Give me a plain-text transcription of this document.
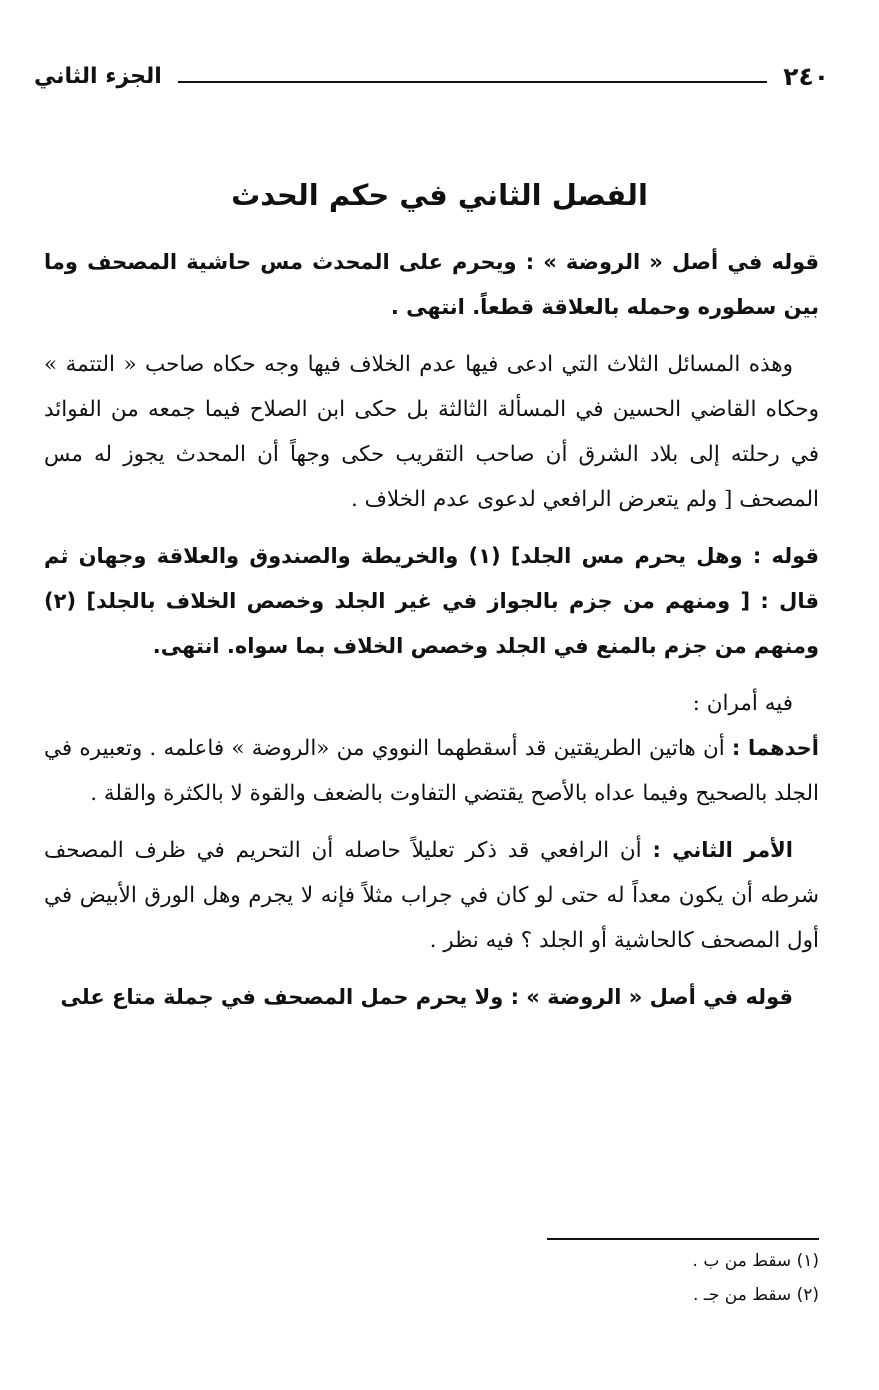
٢٤٠
الجزء الثاني
الفصل الثاني في حكم الحدث

قوله في أصل « الروضة » : ويحرم على المحدث مس حاشية المصحف وما بين سطوره وحمله بالعلاقة قطعاً. انتهى .

وهذه المسائل الثلاث التي ادعى فيها عدم الخلاف فيها وجه حكاه صاحب « التتمة » وحكاه القاضي الحسين في المسألة الثالثة بل حكى ابن الصلاح فيما جمعه من الفوائد في رحلته إلى بلاد الشرق أن صاحب التقريب حكى وجهاً أن المحدث يجوز له مس المصحف [ ولم يتعرض الرافعي لدعوى عدم الخلاف .

قوله : وهل يحرم مس الجلد] (١) والخريطة والصندوق والعلاقة وجهان ثم قال : [ ومنهم من جزم بالجواز في غير الجلد وخصص الخلاف بالجلد] (٢) ومنهم من جزم بالمنع في الجلد وخصص الخلاف بما سواه. انتهى.

فيه أمران :

أحدهما : أن هاتين الطريقتين قد أسقطهما النووي من «الروضة » فاعلمه . وتعبيره في الجلد بالصحيح وفيما عداه بالأصح يقتضي التفاوت بالضعف والقوة لا بالكثرة والقلة .

الأمر الثاني : أن الرافعي قد ذكر تعليلاً حاصله أن التحريم في ظرف المصحف شرطه أن يكون معداً له حتى لو كان في جراب مثلاً فإنه لا يجرم وهل الورق الأبيض في أول المصحف كالحاشية أو الجلد ؟ فيه نظر .

قوله في أصل « الروضة » : ولا يحرم حمل المصحف في جملة متاع على

(١) سقط من ب .
(٢) سقط من جـ .
